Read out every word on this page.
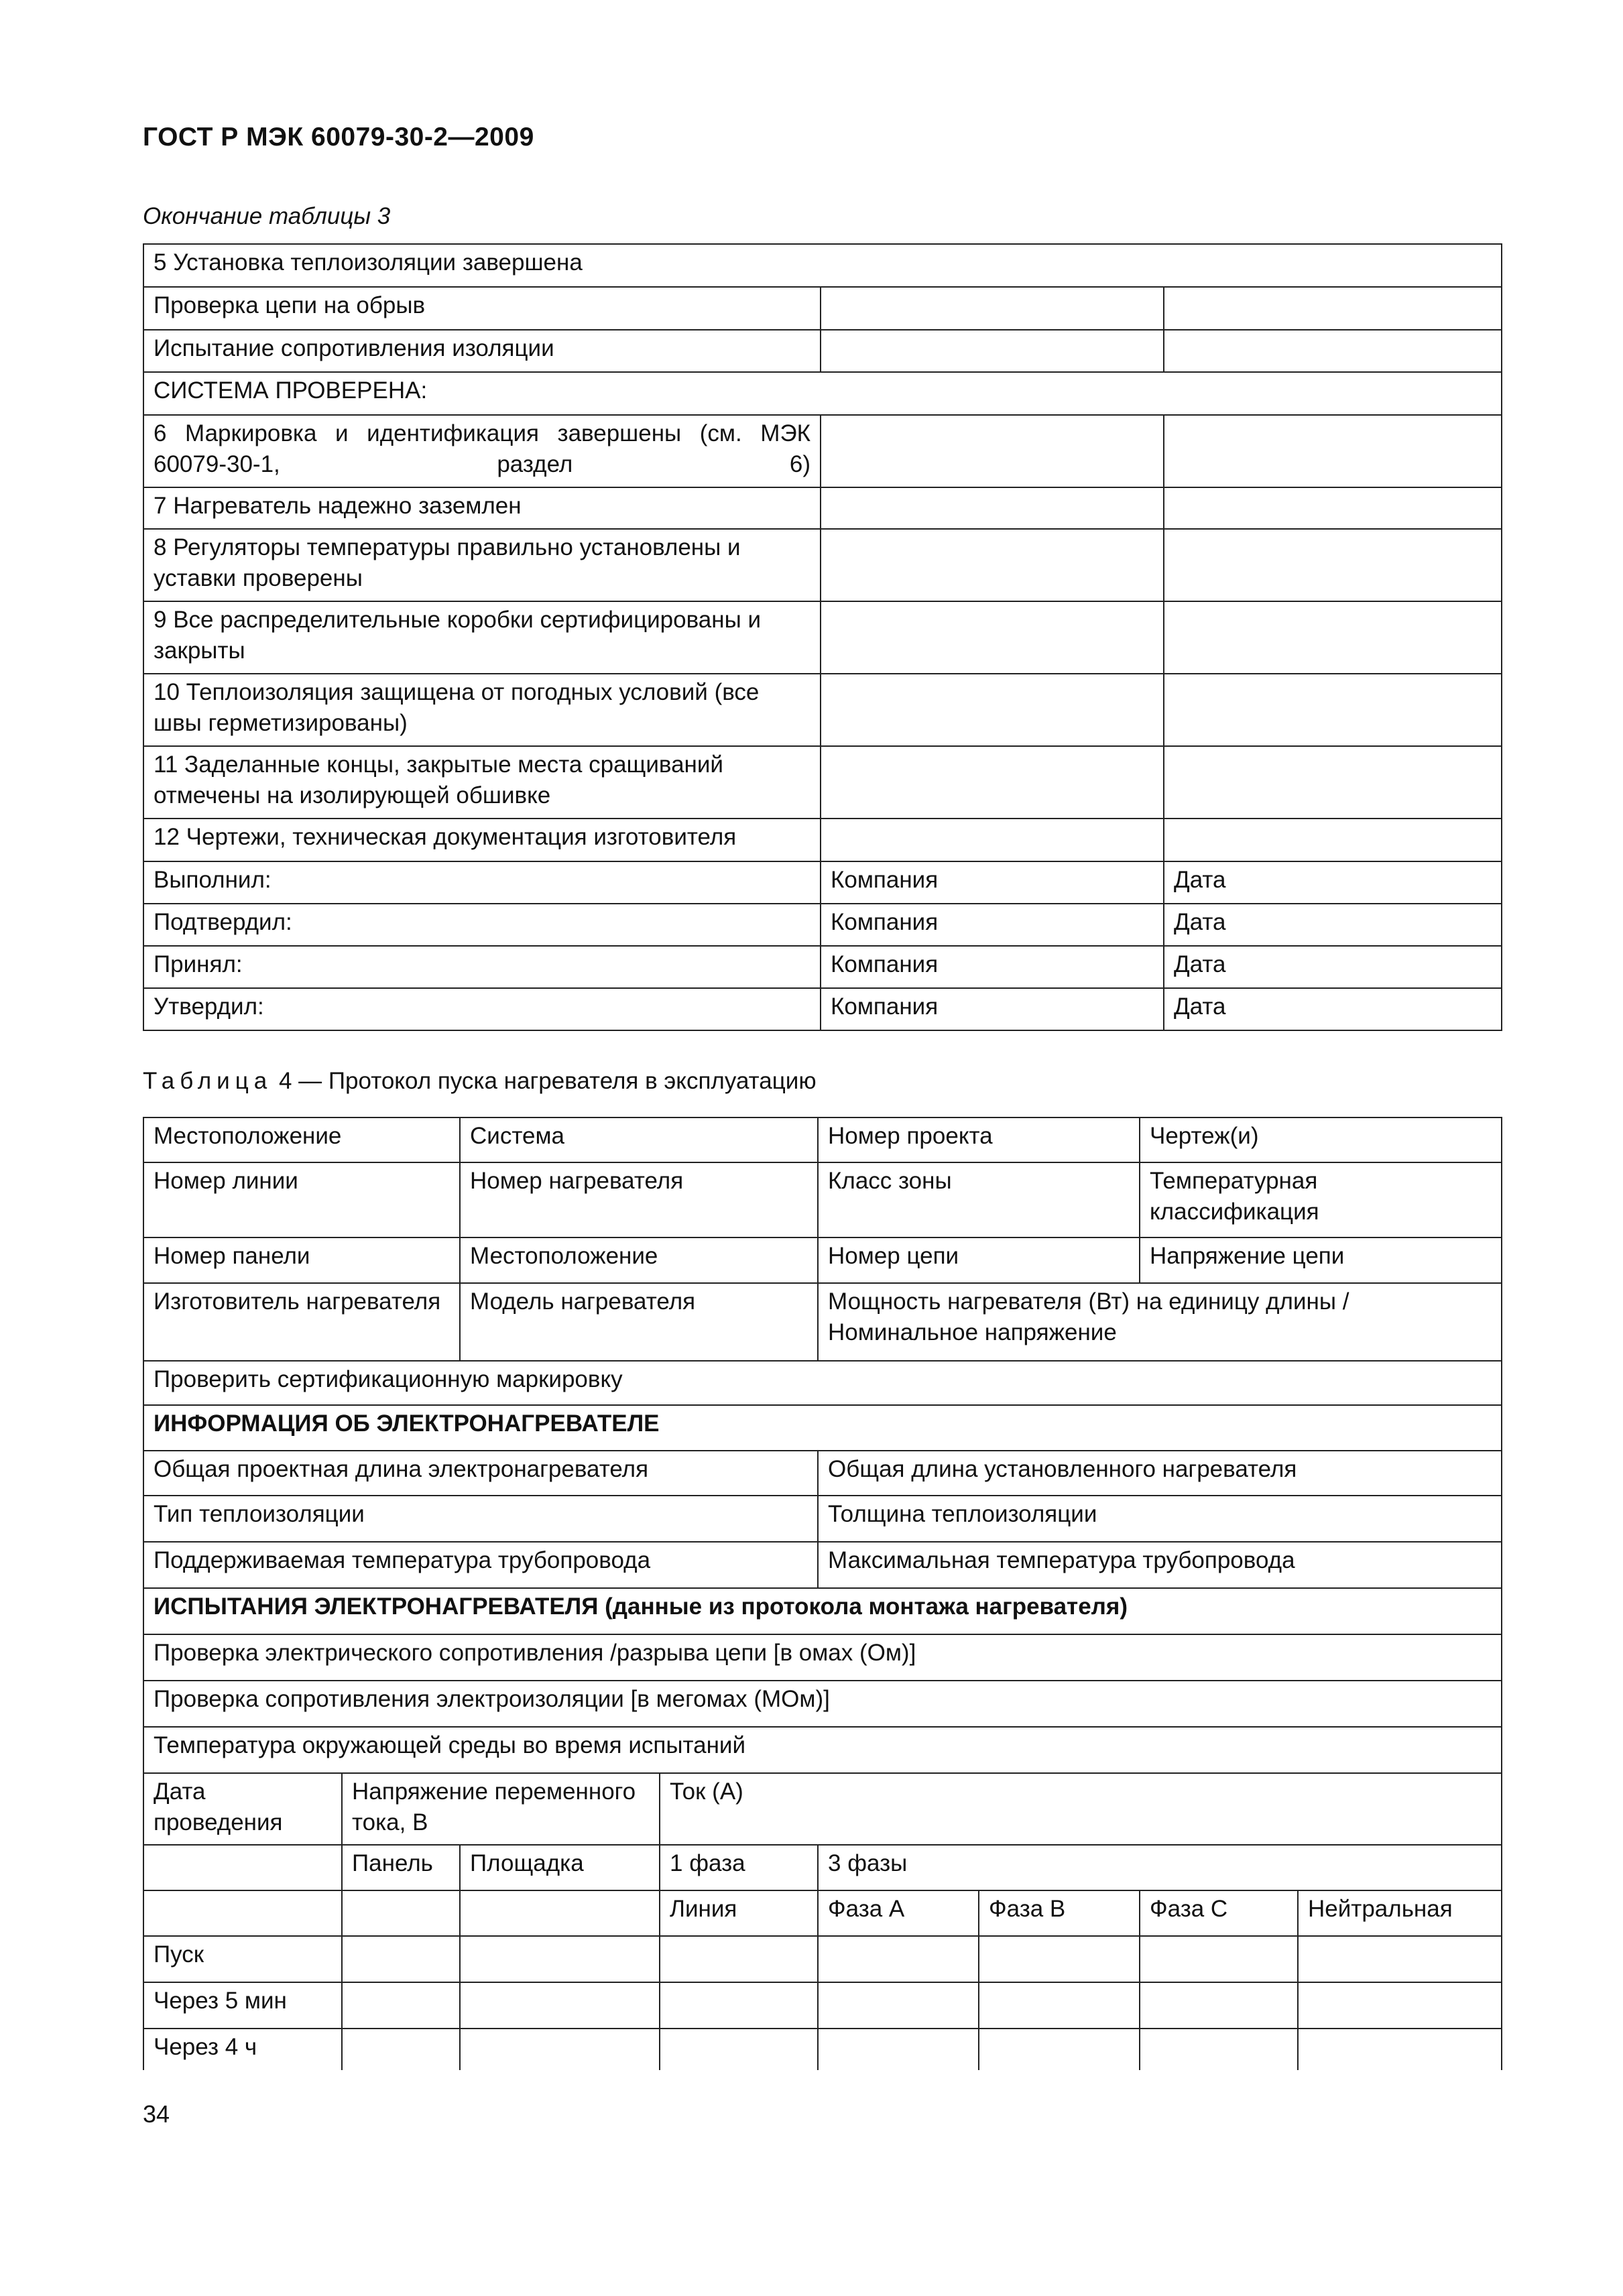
ГОСТ Р МЭК 60079-30-2—2009
Окончание таблицы 3
5 Установка теплоизоляции завершена		
Проверка цепи на обрыв		
Испытание сопротивления изоляции		
СИСТЕМА ПРОВЕРЕНА:		
6 Маркировка и идентификация завершены (см. МЭК 60079-30-1, раздел 6)		
7 Нагреватель надежно заземлен		
8 Регуляторы температуры правильно установлены и уставки проверены		
9 Все распределительные коробки сертифицированы и закрыты		
10 Теплоизоляция защищена от погодных условий (все швы герметизированы)		
11 Заделанные концы, закрытые места сращиваний отмечены на изолирующей обшивке		
12 Чертежи, техническая документация изготовителя		
Выполнил:	Компания	Дата
Подтвердил:	Компания	Дата
Принял:	Компания	Дата
Утвердил:	Компания	Дата
Таблица 4 — Протокол пуска нагревателя в эксплуатацию
Местоположение		Система		Номер проекта		Чертеж(и)	
Номер линии		Номер нагревателя		Класс зоны		Температурная классификация	
Номер панели		Местоположение		Номер цепи		Напряжение цепи	
Изготовитель нагревателя		Модель нагревателя		Мощность нагревателя (Вт) на единицу длины / Номинальное напряжение			
Проверить сертификационную маркировку							
ИНФОРМАЦИЯ ОБ ЭЛЕКТРОНАГРЕВАТЕЛЕ							
Общая проектная длина электронагревателя				Общая длина установленного нагревателя			
Тип теплоизоляции				Толщина теплоизоляции			
Поддерживаемая температура трубопровода				Максимальная температура трубопровода			
ИСПЫТАНИЯ ЭЛЕКТРОНАГРЕВАТЕЛЯ (данные из протокола монтажа нагревателя)							
Проверка электрического сопротивления /разрыва цепи [в омах (Ом)]							
Проверка сопротивления электроизоляции [в мегомах (МОм)]							
Температура окружающей среды во время испытаний							
Дата проведения	Напряжение переменного тока, В		Ток (А)				
	Панель	Площадка	1 фаза	3 фазы			
			Линия	Фаза А	Фаза В	Фаза С	Нейтральная
Пуск							
Через 5 мин							
Через 4 ч							
34
